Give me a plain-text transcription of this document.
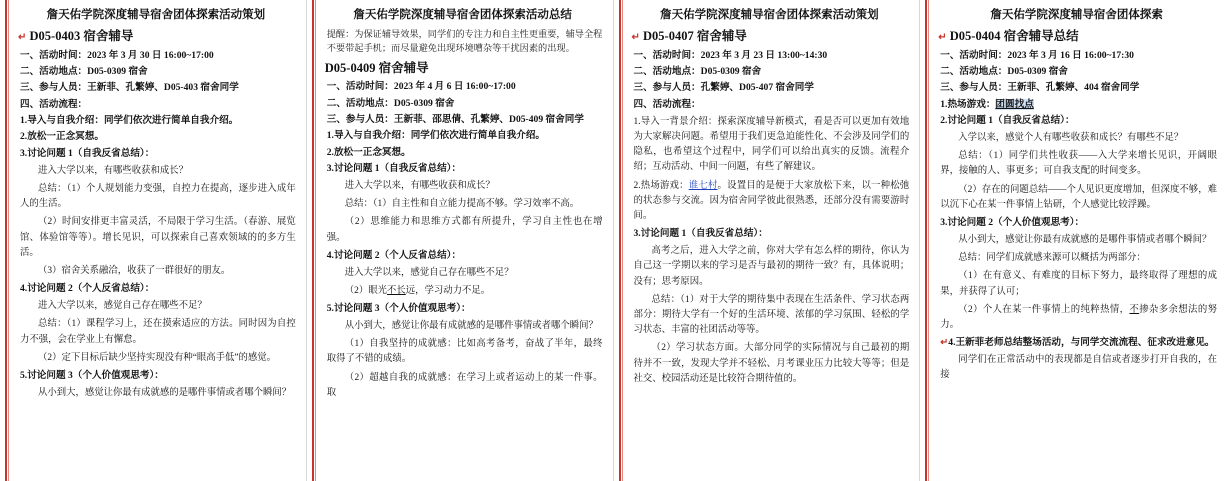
詹天佑学院深度辅导宿舍团体探索活动策划
↵ D05-0403 宿舍辅导
一、活动时间：2023 年 3 月 30 日 16:00~17:00
二、活动地点：D05-0309 宿舍
三、参与人员：王新菲、孔繁婷、D05-403 宿舍同学
四、活动流程：
1.导入与自我介绍：同学们依次进行简单自我介绍。
2.放松一正念冥想。
3.讨论问题 1（自我反省总结）：
进入大学以来，有哪些收获和成长？
总结：（1）个人规划能力变强，自控力在提高，逐步进入成年人的生活。
（2）时间安排更丰富灵活，不局限于学习生活。（春游、展览馆、体验馆等等）。增长见识，可以探索自己喜欢领域的的多方生活。
（3）宿舍关系融洽，收获了一群很好的朋友。
4.讨论问题 2（个人反省总结）：
进入大学以来，感觉自己存在哪些不足？
总结：（1）课程学习上，还在摸索适应的方法。同时因为自控力不强，会在学业上有懈怠。
（2）定下目标后缺少坚持实现没有种“眼高手低”的感觉。
5.讨论问题 3（个人价值观思考）：
从小到大，感觉让你最有成就感的是哪件事情或者哪个瞬间？
詹天佑学院深度辅导宿舍团体探索活动总结
提醒：为保证辅导效果，同学们的专注力和自主性更重要，辅导全程不要带起手机；而尽量避免出现环境嘈杂等干扰因素的出现。
D05-0409 宿舍辅导
一、活动时间：2023 年 4 月 6 日 16:00~17:00
二、活动地点：D05-0309 宿舍
三、参与人员：王新菲、邵思倩、孔繁婷、D05-409 宿舍同学
1.导入与自我介绍：同学们依次进行简单自我介绍。
2.放松一正念冥想。
3.讨论问题 1（自我反省总结）：
进入大学以来，有哪些收获和成长？
总结：（1）自主性和自立能力提高不够。学习效率不高。
（2）思维能力和思维方式都有所提升，学习自主性也在增强。
4.讨论问题 2（个人反省总结）：
进入大学以来，感觉自己存在哪些不足？
（2）眼光不长远，学习动力不足。
5.讨论问题 3（个人价值观思考）：
从小到大，感觉让你最有成就感的是哪件事情或者哪个瞬间？
（1）自我坚持的成就感：比如高考备考，奋战了半年，最终取得了不错的成绩。
（2）超越自我的成就感：在学习上或者运动上的某一件事。取
詹天佑学院深度辅导宿舍团体探索活动策划
↵ D05-0407 宿舍辅导
一、活动时间：2023 年 3 月 23 日 13:00~14:30
二、活动地点：D05-0309 宿舍
三、参与人员：孔繁婷、D05-407 宿舍同学
四、活动流程：
1.导入一背景介绍：探索深度辅导新模式，看是否可以更加有效地为大家解决问题。希望用于我们更急迫能性化、不会涉及同学们的隐私，也希望这个过程中，同学们可以给出真实的反馈。流程介绍；互动活动、中间一问题，有些了解建议。
2.热场游戏：谁七村。设置目的是便于大家放松下来，以一种松弛的状态参与交流。因为宿舍同学彼此很熟悉，还部分没有需要游时间。
3.讨论问题 1（自我反省总结）：
高考之后，进入大学之前，你对大学有怎么样的期待，你认为自己这一学期以来的学习是否与最初的期待一致？有，具体说明；没有；思考原因。
总结：（1）对于大学的期待集中表现在生活条件、学习状态两部分：期待大学有一个好的生活环境、浓郁的学习氛围、轻松的学习状态、丰富的社团活动等等。
（2）学习状态方面。大部分同学的实际情况与自己最初的期待并不一致，发现大学并不轻松、月考课业压力比较大等等；但是社交、校园活动还是比较符合期待值的。
詹天佑学院深度辅导宿舍团体探索
↵ D05-0404 宿舍辅导总结
一、活动时间：2023 年 3 月 16 日 16:00~17:30
二、活动地点：D05-0309 宿舍
三、参与人员：王新菲、孔繁婷、404 宿舍同学
1.热场游戏：团圆找点
2.讨论问题 1（自我反省总结）：
入学以来，感觉个人有哪些收获和成长？有哪些不足？
总结：（1）同学们共性收获——入大学来增长见识，开阔眼界，接触的人、事更多；可自我支配的时间变多。
（2）存在的问题总结——个人见识更度增加，但深度不够，难以沉下心在某一件事情上钻研，个人感觉比较浮躁。
3.讨论问题 2（个人价值观思考）：
从小到大，感觉让你最有成就感的是哪件事情或者哪个瞬间？
总结：同学们成就感来源可以概括为两部分：
（1）在有意义、有难度的目标下努力，最终取得了理想的成果，并获得了认可；
（2）个人在某一件事情上的纯粹热情，不掺杂多余想法的努力。
↵4.王新菲老师总结整场活动，与同学交流流程、征求改进意见。
同学们在正常活动中的表现都是自信或者逐步打开自我的，在接
